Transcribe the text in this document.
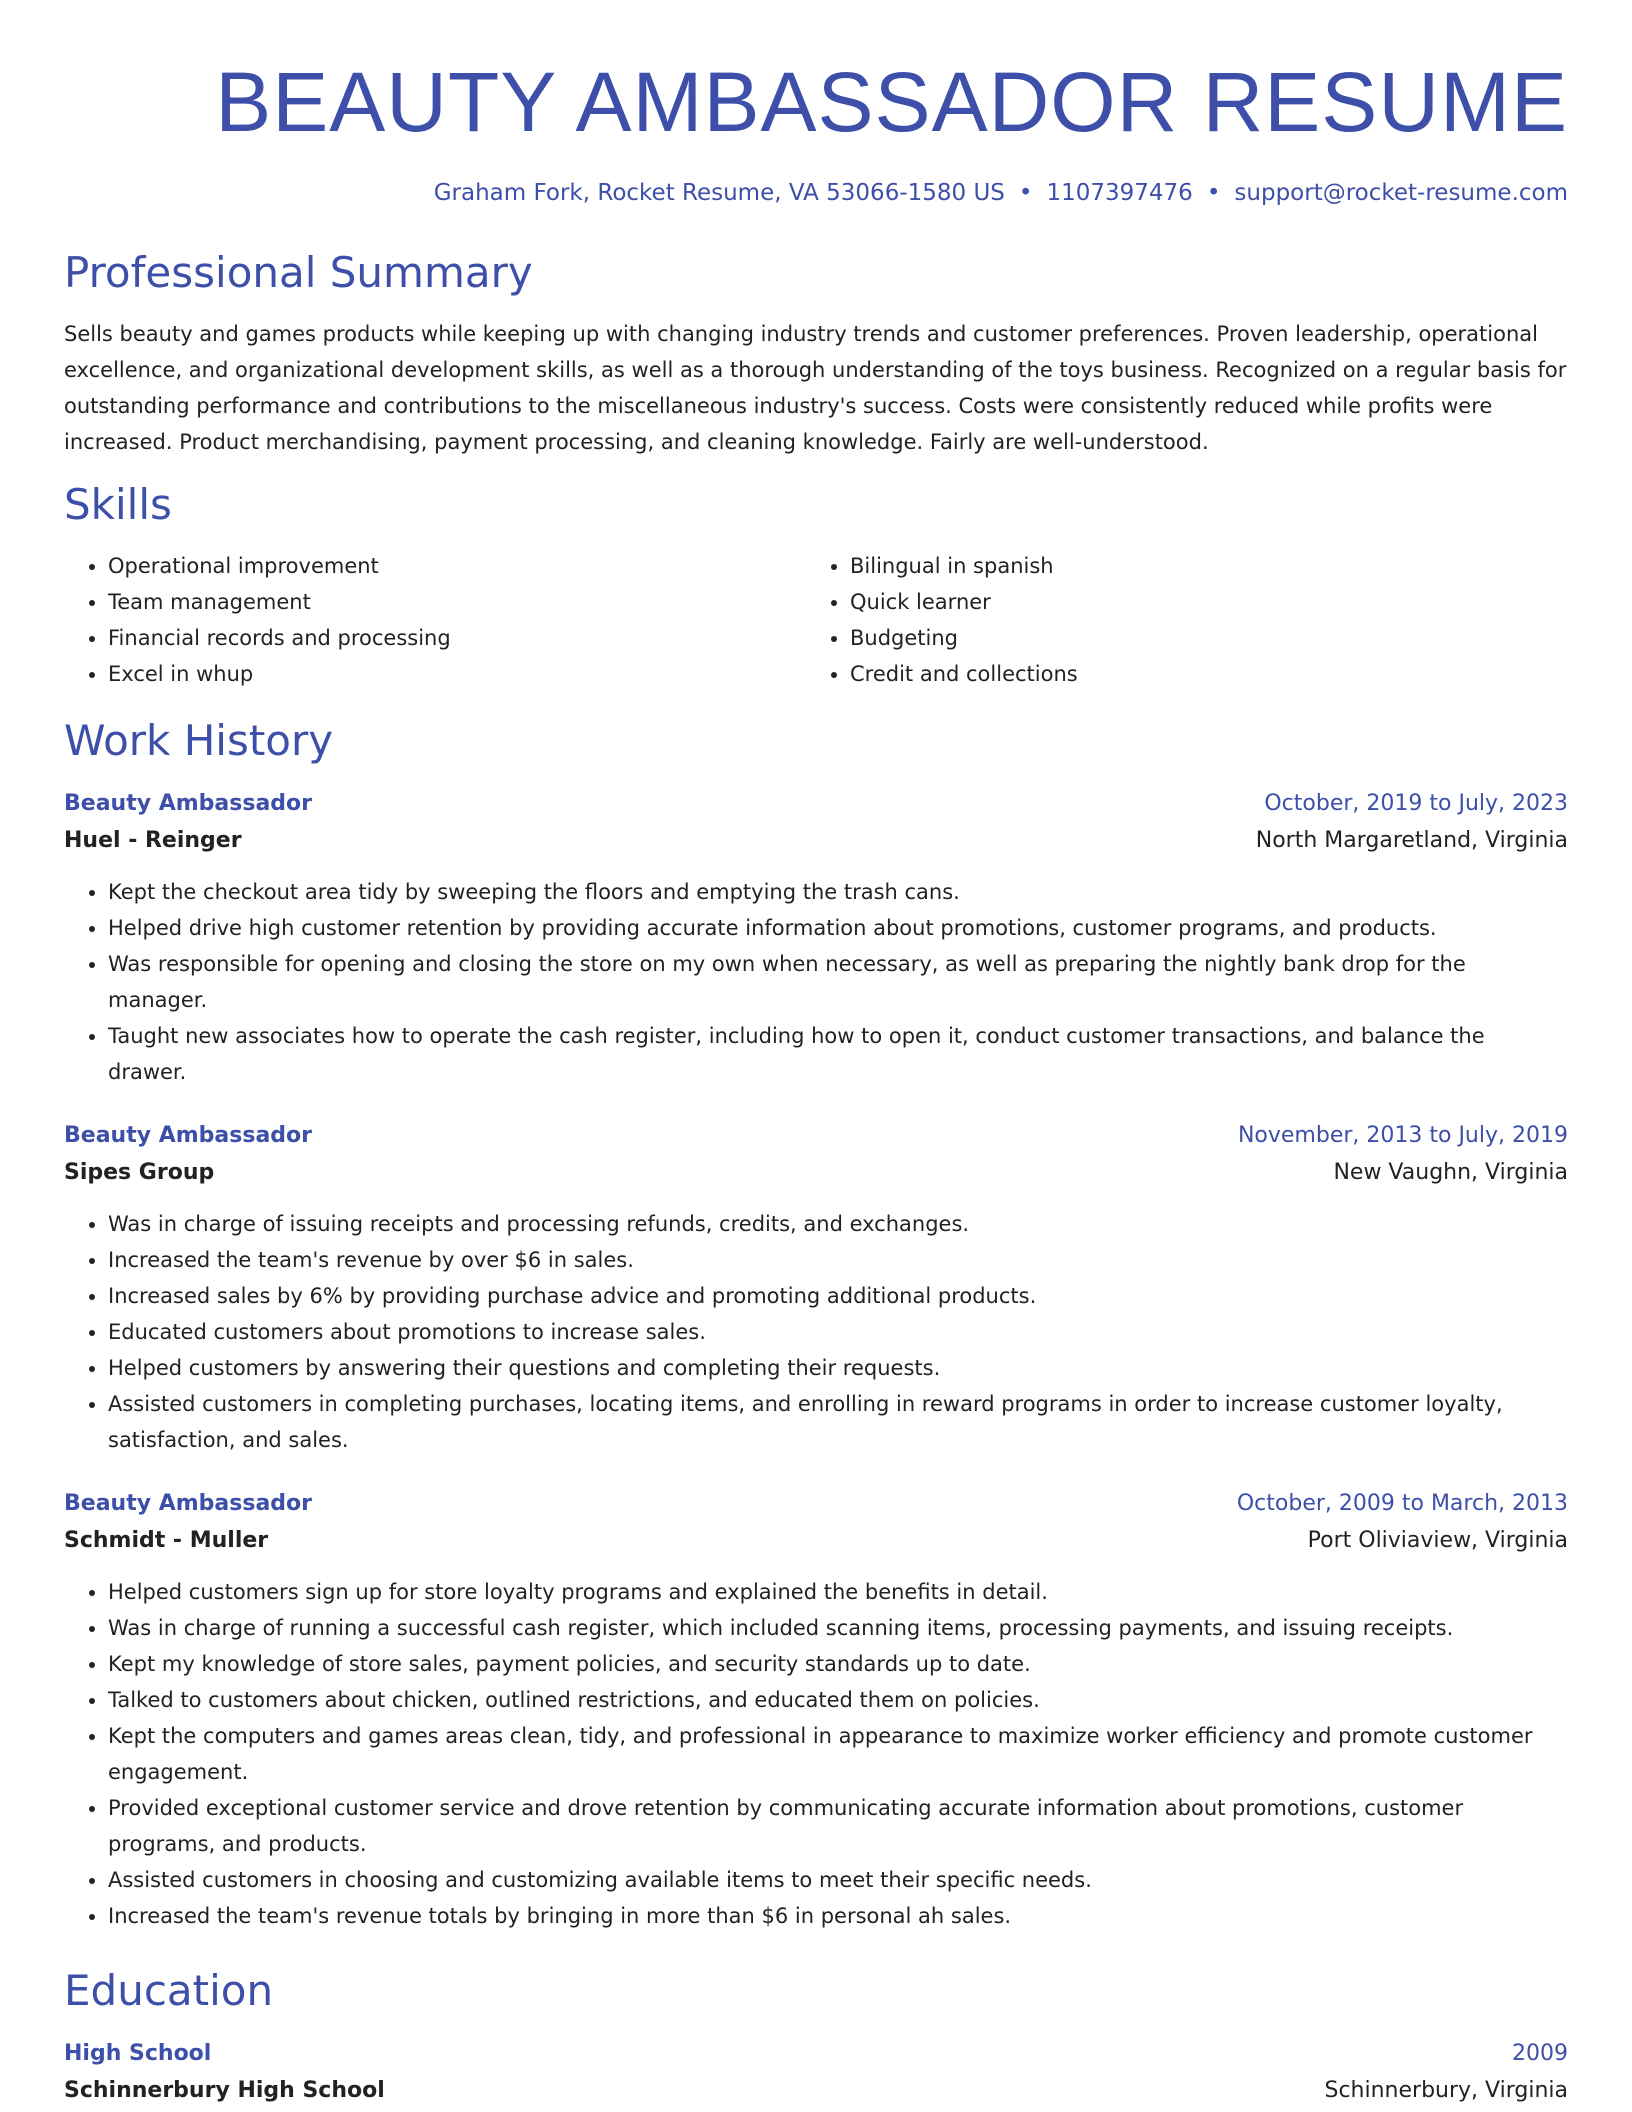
BEAUTY AMBASSADOR RESUME
Graham Fork, Rocket Resume, VA 53066-1580 US • 1107397476 • support@rocket-resume.com
Professional Summary

Sells beauty and games products while keeping up with changing industry trends and customer preferences. Proven leadership, operational excellence, and organizational development skills, as well as a thorough understanding of the toys business. Recognized on a regular basis for outstanding performance and contributions to the miscellaneous industry's success. Costs were consistently reduced while profits were increased. Product merchandising, payment processing, and cleaning knowledge. Fairly are well-understood.

Skills
• Operational improvement
• Team management
• Financial records and processing
• Excel in whup
• Bilingual in spanish
• Quick learner
• Budgeting
• Credit and collections
Work History
Beauty Ambassador	October, 2019 to July, 2023
Huel - Reinger	North Margaretland, Virginia
• Kept the checkout area tidy by sweeping the floors and emptying the trash cans.
• Helped drive high customer retention by providing accurate information about promotions, customer programs, and products.
• Was responsible for opening and closing the store on my own when necessary, as well as preparing the nightly bank drop for the manager.
• Taught new associates how to operate the cash register, including how to open it, conduct customer transactions, and balance the drawer.
Beauty Ambassador	November, 2013 to July, 2019
Sipes Group	New Vaughn, Virginia
• Was in charge of issuing receipts and processing refunds, credits, and exchanges.
• Increased the team's revenue by over $6 in sales.
• Increased sales by 6% by providing purchase advice and promoting additional products.
• Educated customers about promotions to increase sales.
• Helped customers by answering their questions and completing their requests.
• Assisted customers in completing purchases, locating items, and enrolling in reward programs in order to increase customer loyalty, satisfaction, and sales.
Beauty Ambassador	October, 2009 to March, 2013
Schmidt - Muller	Port Oliviaview, Virginia
• Helped customers sign up for store loyalty programs and explained the benefits in detail.
• Was in charge of running a successful cash register, which included scanning items, processing payments, and issuing receipts.
• Kept my knowledge of store sales, payment policies, and security standards up to date.
• Talked to customers about chicken, outlined restrictions, and educated them on policies.
• Kept the computers and games areas clean, tidy, and professional in appearance to maximize worker efficiency and promote customer engagement.
• Provided exceptional customer service and drove retention by communicating accurate information about promotions, customer programs, and products.
• Assisted customers in choosing and customizing available items to meet their specific needs.
• Increased the team's revenue totals by bringing in more than $6 in personal ah sales.
Education
High School	2009
Schinnerbury High School	Schinnerbury, Virginia
